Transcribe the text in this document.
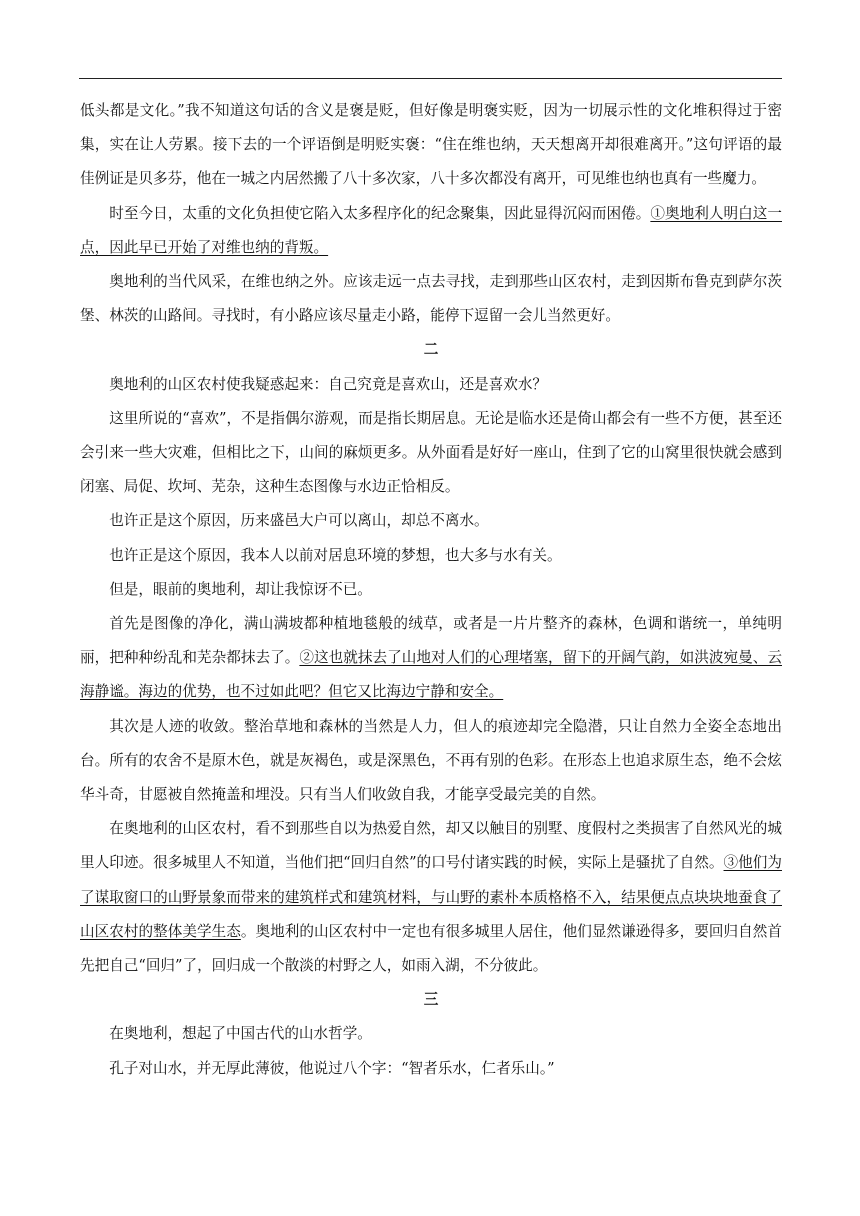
低头都是文化。”我不知道这句话的含义是褒是贬，但好像是明褒实贬，因为一切展示性的文化堆积得过于密集，实在让人劳累。接下去的一个评语倒是明贬实褒：“住在维也纳，天天想离开却很难离开。”这句评语的最佳例证是贝多芬，他在一城之内居然搬了八十多次家，八十多次都没有离开，可见维也纳也真有一些魔力。

时至今日，太重的文化负担使它陷入太多程序化的纪念聚集，因此显得沉闷而困倦。①奥地利人明白这一点，因此早已开始了对维也纳的背叛。

奥地利的当代风采，在维也纳之外。应该走远一点去寻找，走到那些山区农村，走到因斯布鲁克到萨尔茨堡、林茨的山路间。寻找时，有小路应该尽量走小路，能停下逗留一会儿当然更好。

二

奥地利的山区农村使我疑惑起来：自己究竟是喜欢山，还是喜欢水？

这里所说的“喜欢”，不是指偶尔游观，而是指长期居息。无论是临水还是倚山都会有一些不方便，甚至还会引来一些大灾难，但相比之下，山间的麻烦更多。从外面看是好好一座山，住到了它的山窝里很快就会感到闭塞、局促、坎坷、芜杂，这种生态图像与水边正恰相反。

也许正是这个原因，历来盛邑大户可以离山，却总不离水。

也许正是这个原因，我本人以前对居息环境的梦想，也大多与水有关。

但是，眼前的奥地利，却让我惊讶不已。

首先是图像的净化，满山满坡都种植地毯般的绒草，或者是一片片整齐的森林，色调和谐统一，单纯明丽，把种种纷乱和芜杂都抹去了。②这也就抹去了山地对人们的心理堵塞，留下的开阔气韵，如洪波宛曼、云海静谧。海边的优势，也不过如此吧？但它又比海边宁静和安全。

其次是人迹的收敛。整治草地和森林的当然是人力，但人的痕迹却完全隐潜，只让自然力全姿全态地出台。所有的农舍不是原木色，就是灰褐色，或是深黑色，不再有别的色彩。在形态上也追求原生态，绝不会炫华斗奇，甘愿被自然掩盖和埋没。只有当人们收敛自我，才能享受最完美的自然。

在奥地利的山区农村，看不到那些自以为热爱自然，却又以触目的别墅、度假村之类损害了自然风光的城里人印迹。很多城里人不知道，当他们把“回归自然”的口号付诸实践的时候，实际上是骚扰了自然。③他们为了谋取窗口的山野景象而带来的建筑样式和建筑材料，与山野的素朴本质格格不入，结果便点点块块地蚕食了山区农村的整体美学生态。奥地利的山区农村中一定也有很多城里人居住，他们显然谦逊得多，要回归自然首先把自己“回归”了，回归成一个散淡的村野之人，如雨入湖，不分彼此。

三

在奥地利，想起了中国古代的山水哲学。

孔子对山水，并无厚此薄彼，他说过八个字：“智者乐水，仁者乐山。”
